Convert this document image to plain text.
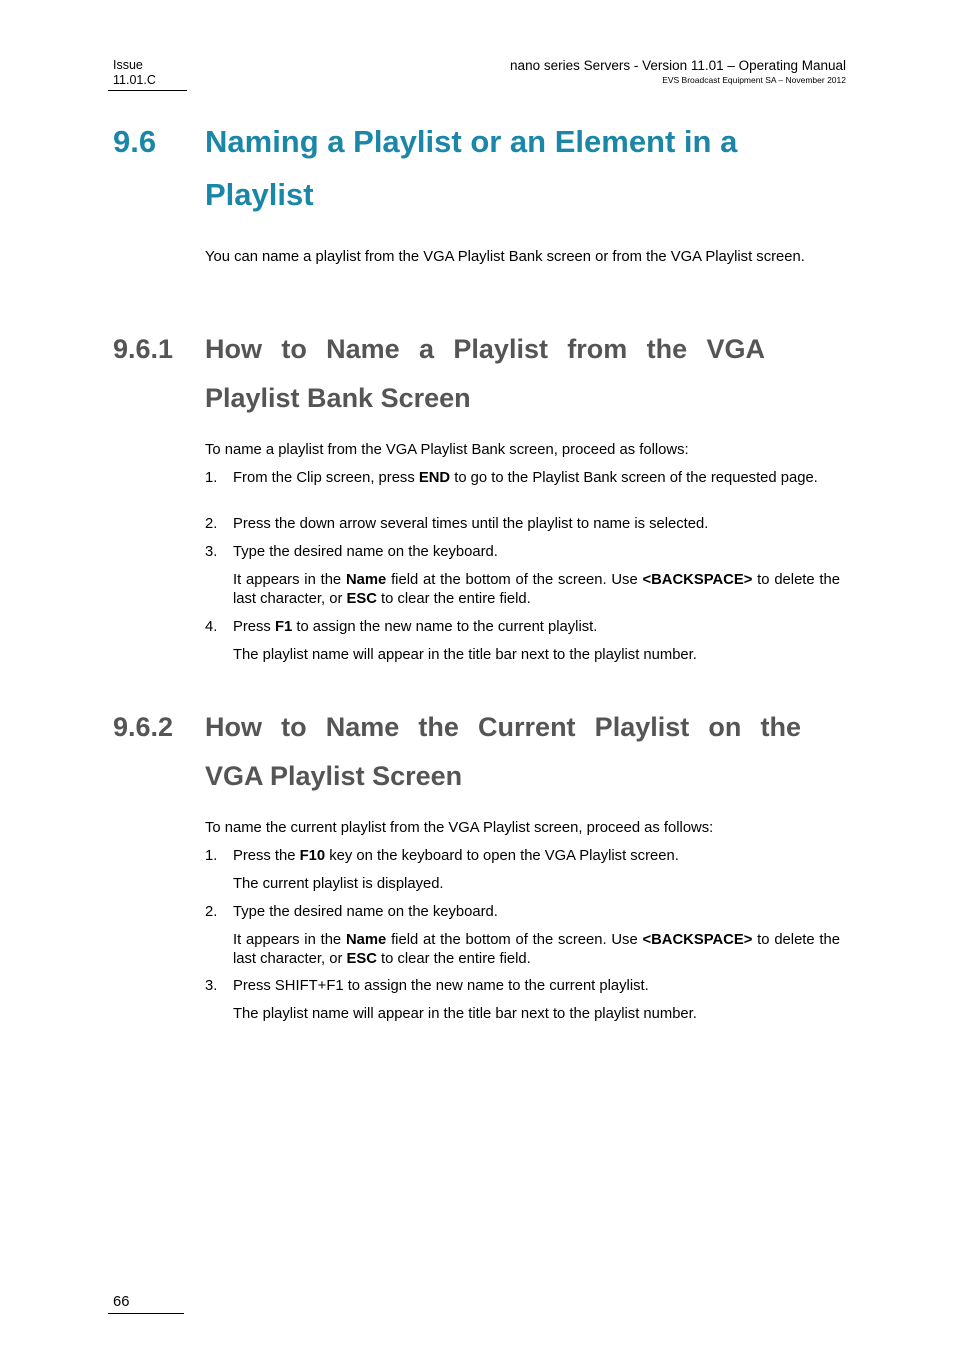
Issue
11.01.C
nano series Servers - Version 11.01 – Operating Manual
EVS Broadcast Equipment SA – November 2012
9.6 Naming a Playlist or an Element in a
Playlist
You can name a playlist from the VGA Playlist Bank screen or from the VGA Playlist screen.
9.6.1 How to Name a Playlist from the VGA
Playlist Bank Screen
To name a playlist from the VGA Playlist Bank screen, proceed as follows:
1. From the Clip screen, press END to go to the Playlist Bank screen of the requested page.
2. Press the down arrow several times until the playlist to name is selected.
3. Type the desired name on the keyboard.
It appears in the Name field at the bottom of the screen. Use <BACKSPACE> to delete the last character, or ESC to clear the entire field.
4. Press F1 to assign the new name to the current playlist.
The playlist name will appear in the title bar next to the playlist number.
9.6.2 How to Name the Current Playlist on the
VGA Playlist Screen
To name the current playlist from the VGA Playlist screen, proceed as follows:
1. Press the F10 key on the keyboard to open the VGA Playlist screen.
The current playlist is displayed.
2. Type the desired name on the keyboard.
It appears in the Name field at the bottom of the screen. Use <BACKSPACE> to delete the last character, or ESC to clear the entire field.
3. Press SHIFT+F1 to assign the new name to the current playlist.
The playlist name will appear in the title bar next to the playlist number.
66
